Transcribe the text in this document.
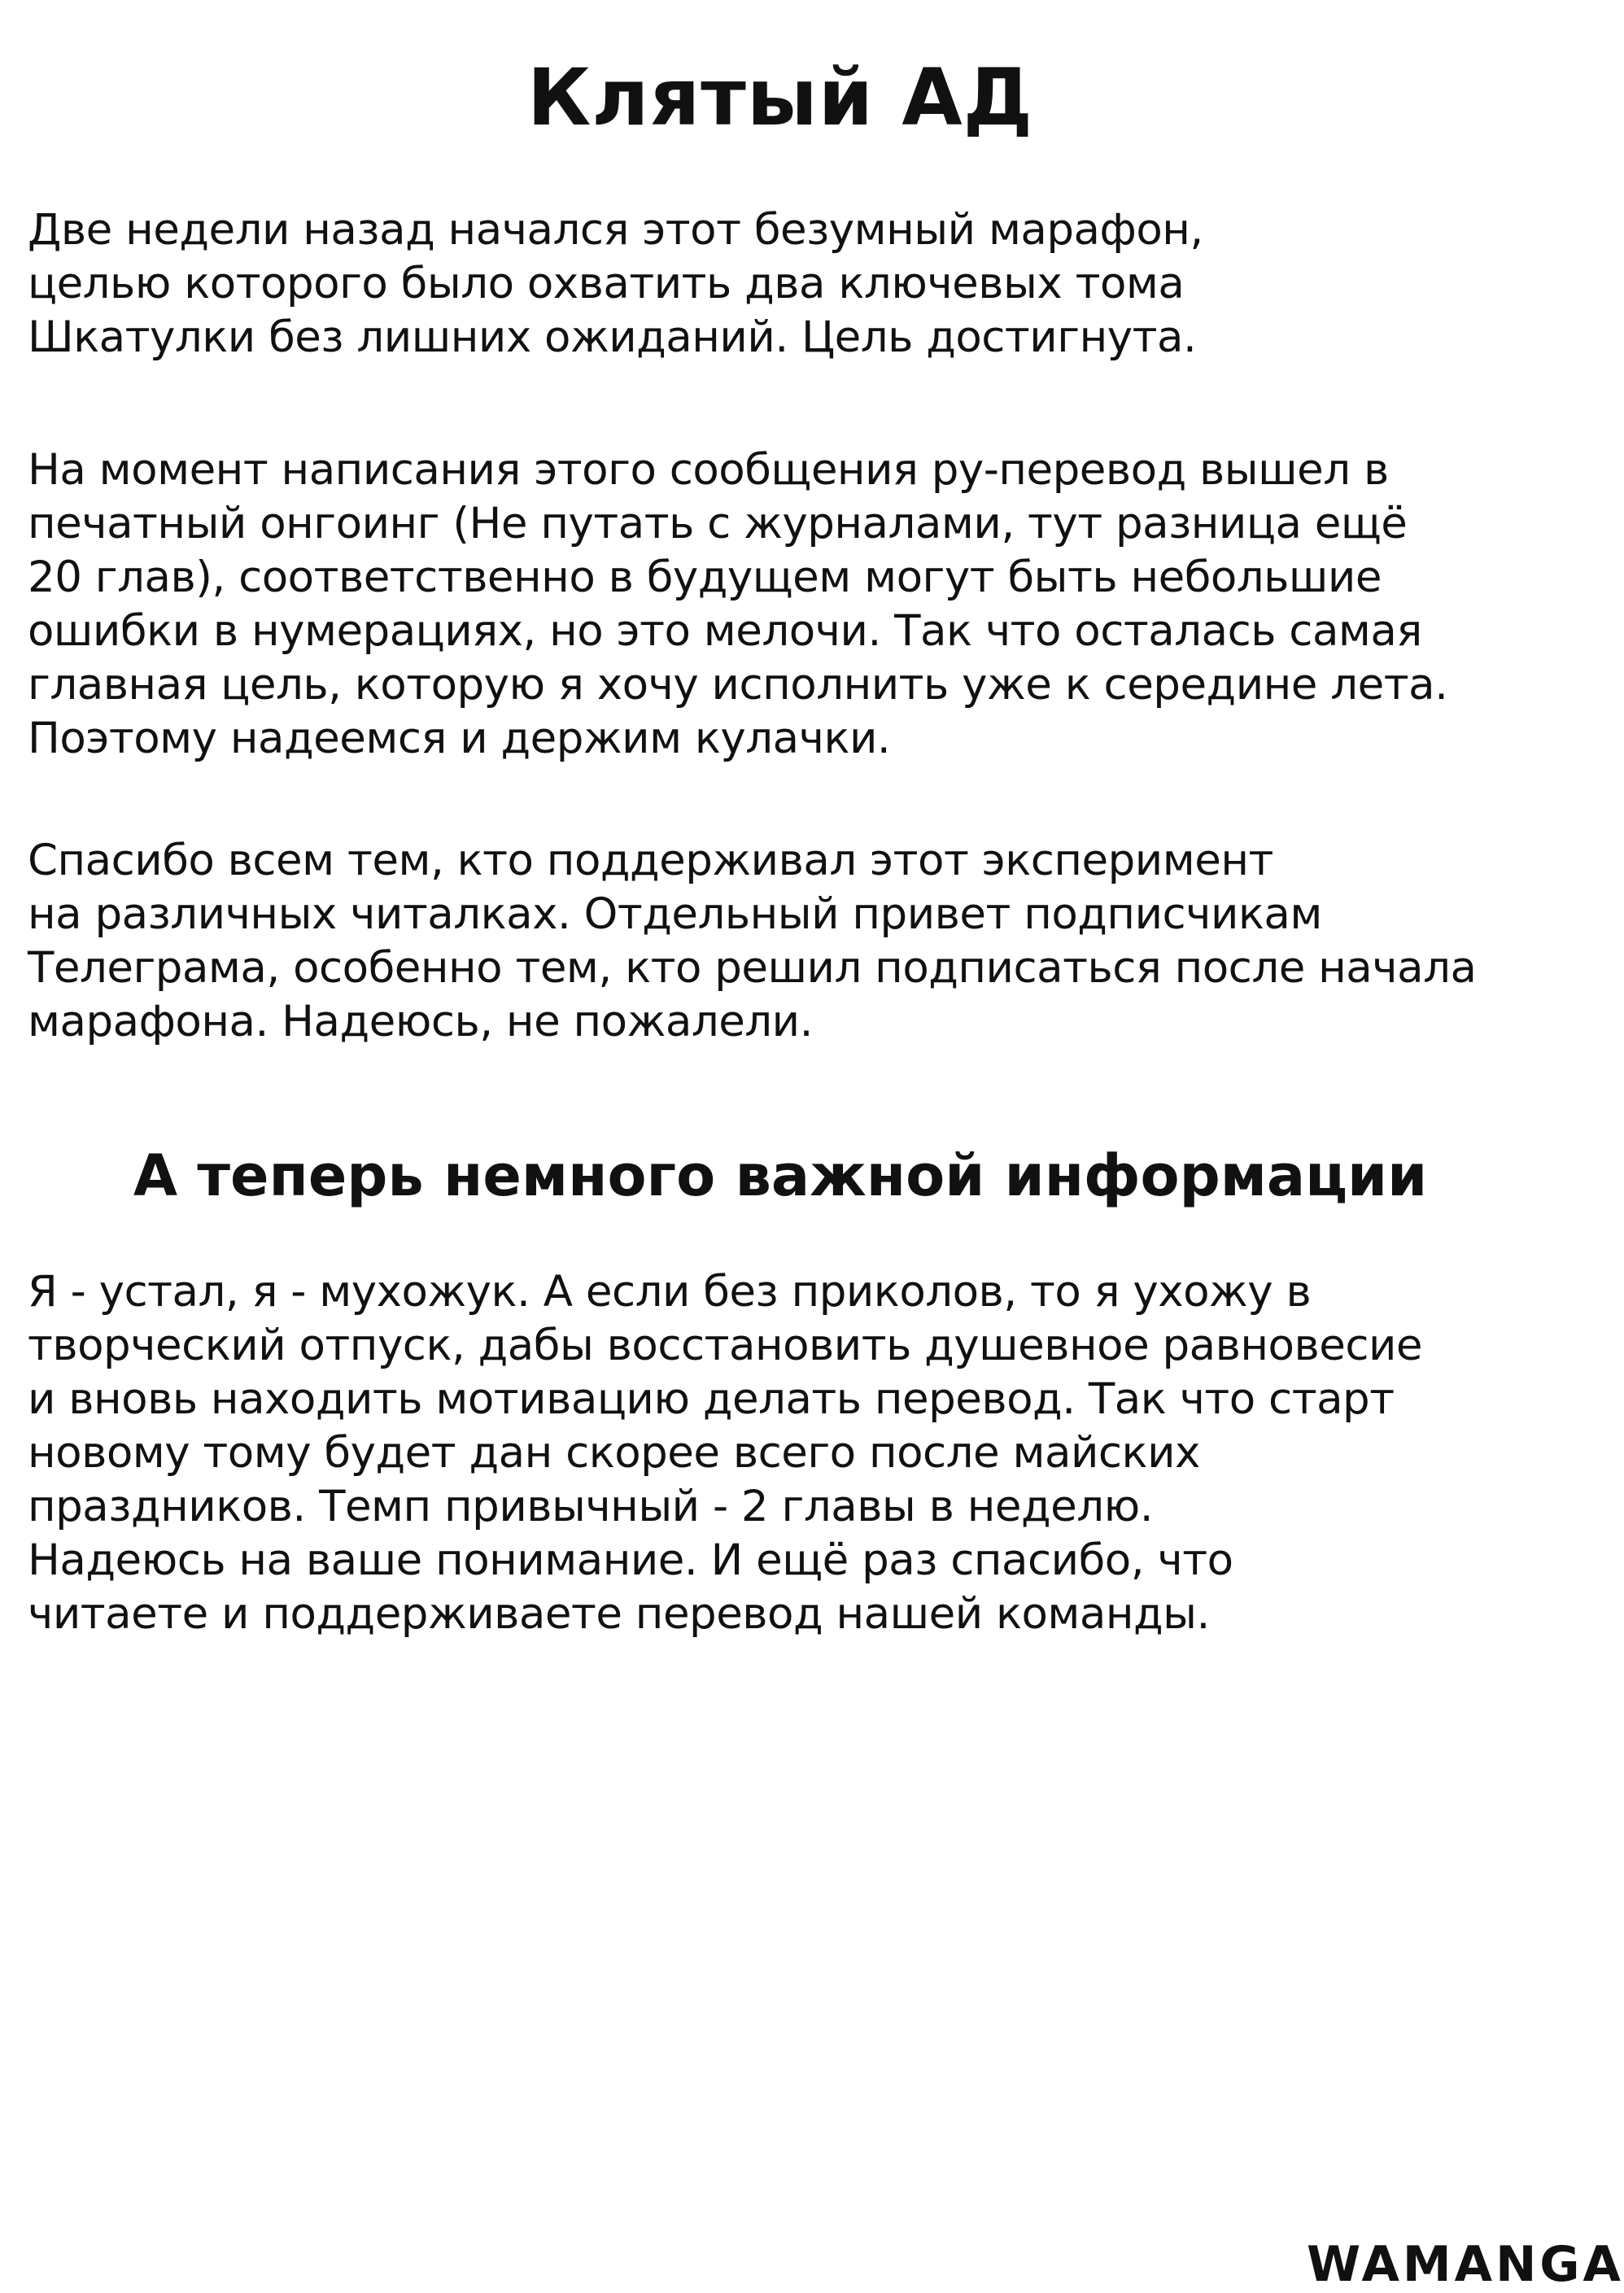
Клятый АД
Две недели назад начался этот безумный марафон,
целью которого было охватить два ключевых тома
Шкатулки без лишних ожиданий. Цель достигнута.
На момент написания этого сообщения ру-перевод вышел в
печатный онгоинг (Не путать с журналами, тут разница ещё
20 глав), соответственно в будущем могут быть небольшие
ошибки в нумерациях, но это мелочи. Так что осталась самая
главная цель, которую я хочу исполнить уже к середине лета.
Поэтому надеемся и держим кулачки.
Спасибо всем тем, кто поддерживал этот эксперимент
на различных читалках. Отдельный привет подписчикам
Телеграма, особенно тем, кто решил подписаться после начала
марафона. Надеюсь, не пожалели.
А теперь немного важной информации
Я - устал, я - мухожук. А если без приколов, то я ухожу в
творческий отпуск, дабы восстановить душевное равновесие
и вновь находить мотивацию делать перевод. Так что старт
новому тому будет дан скорее всего после майских
праздников. Темп привычный - 2 главы в неделю.
Надеюсь на ваше понимание. И ещё раз спасибо, что
читаете и поддерживаете перевод нашей команды.
WAMANGA
